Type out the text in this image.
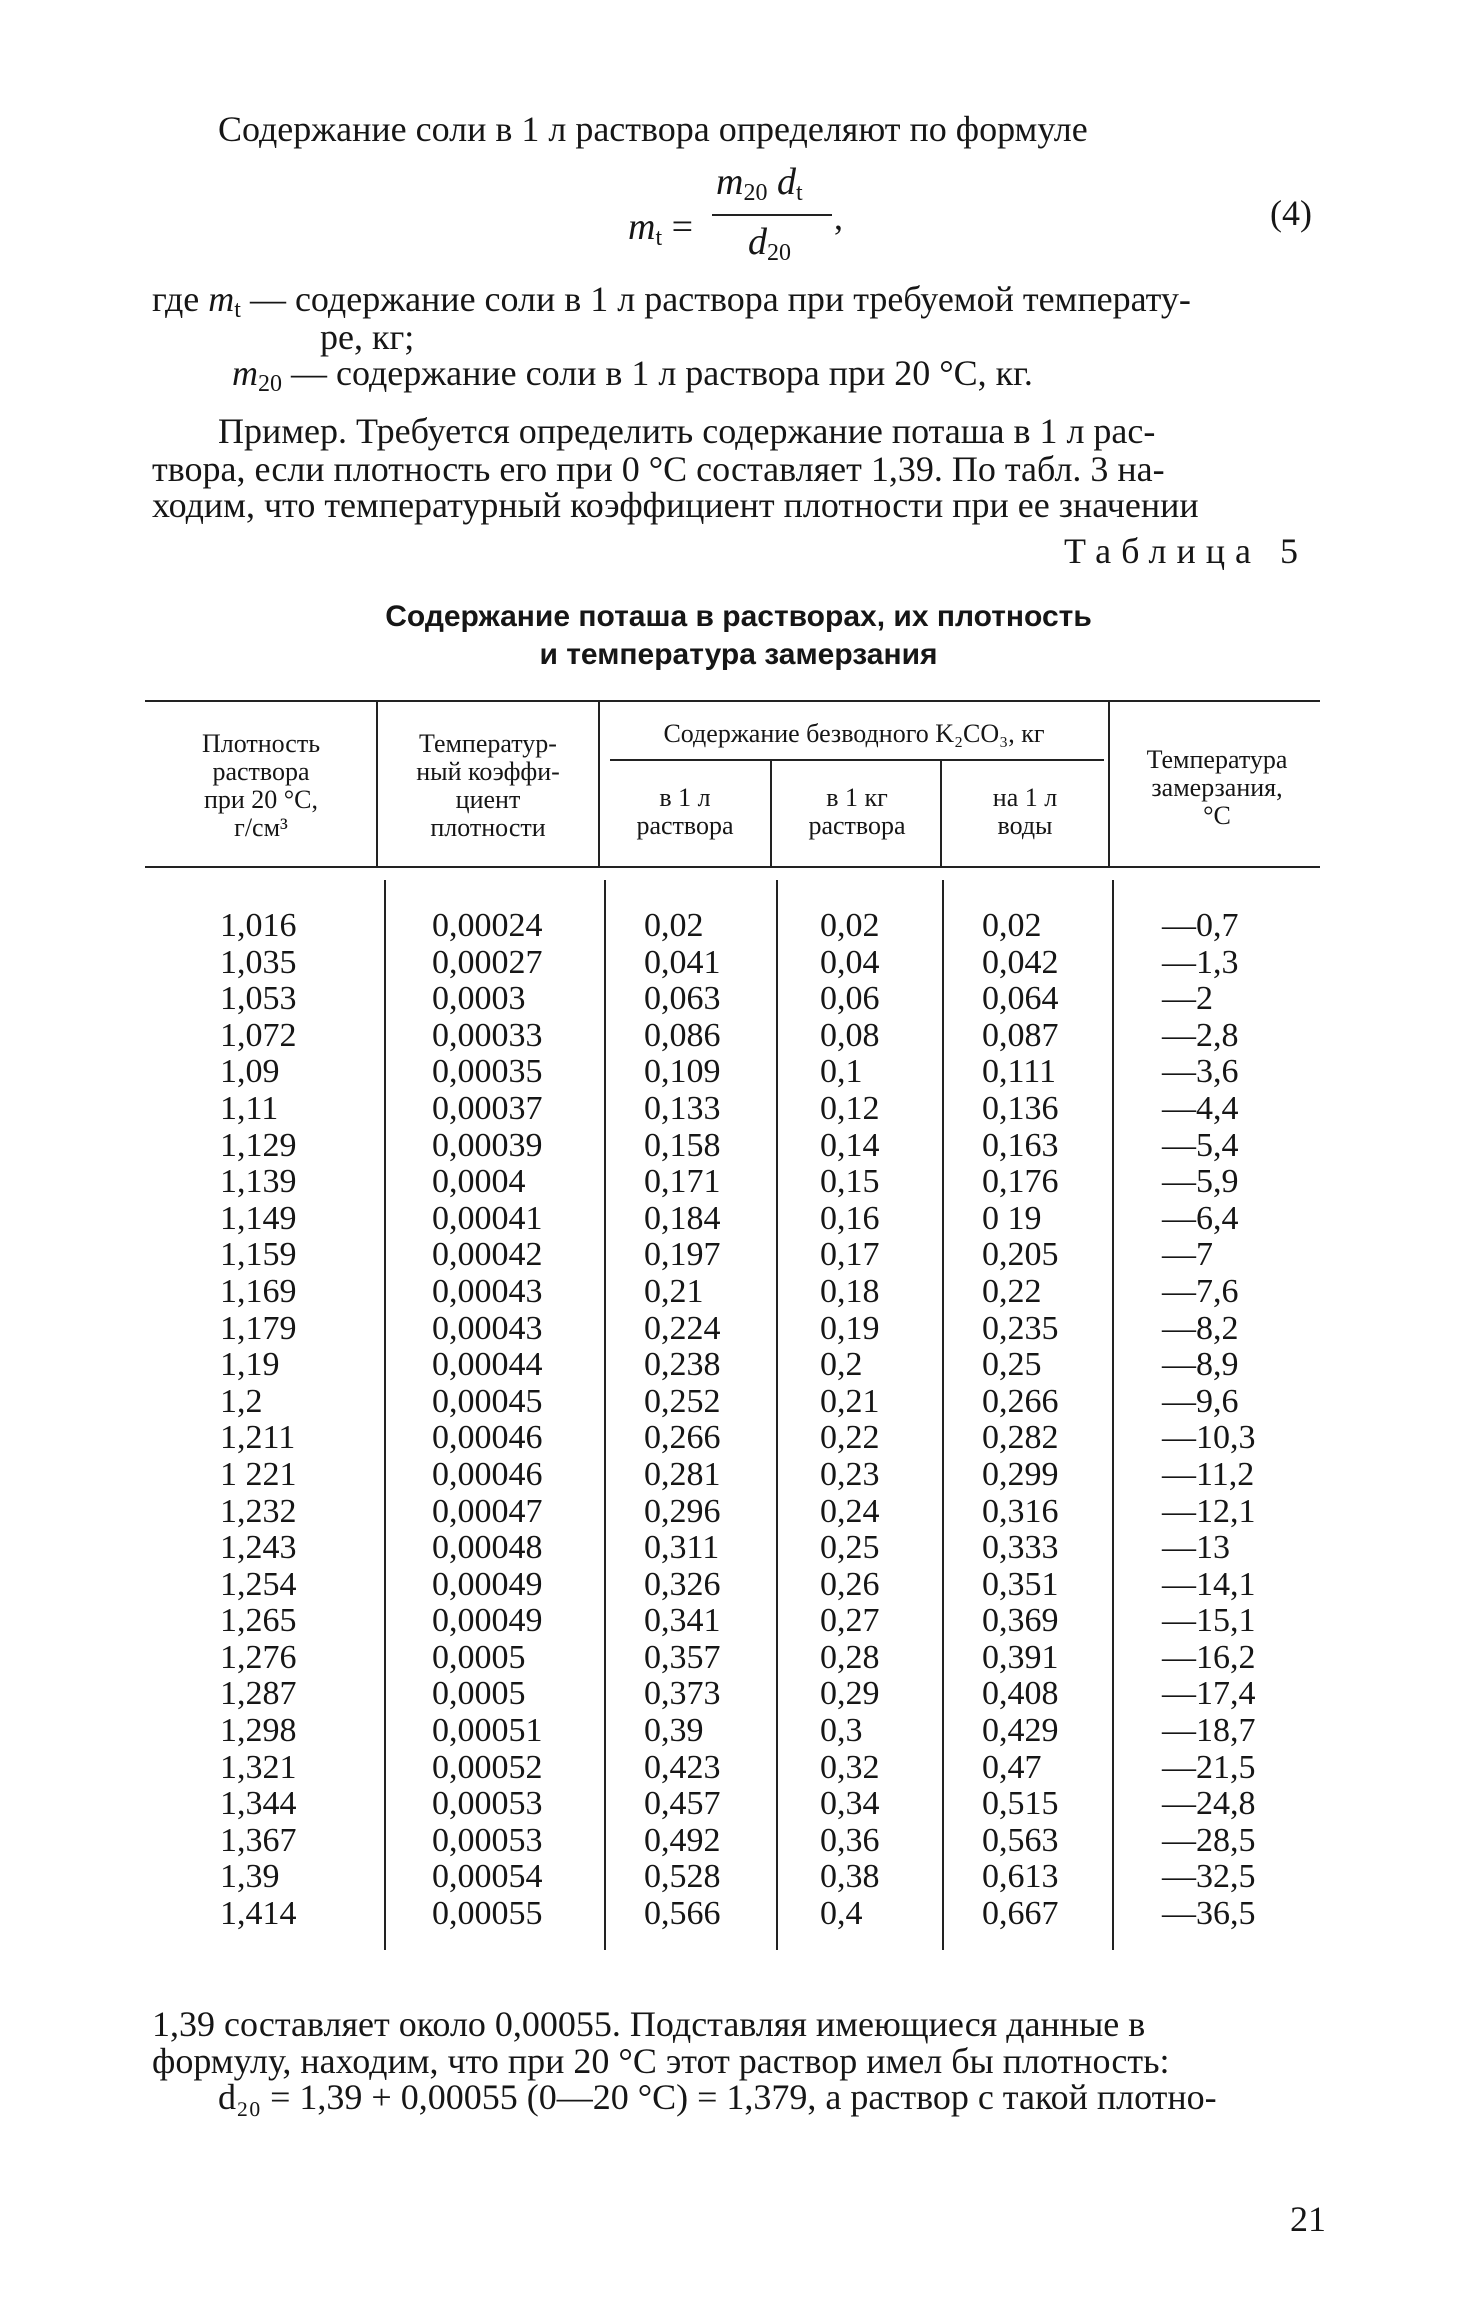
Содержание соли в 1 л раствора определяют по формуле
$m_t$ =
$m_{20}$ $d_t$
$d_{20}$
,	(4)
где $m_t$ — содержание соли в 1 л раствора при требуемой температу-
ре, кг;
$m_{20}$ — содержание соли в 1 л раствора при 20 °С, кг.
Пример. Требуется определить содержание поташа в 1 л рас-
твора, если плотность его при 0 °С составляет 1,39. По табл. 3 на-
ходим, что температурный коэффициент плотности при ее значении
Таблица 5
Содержание поташа в растворах, их плотность
и температура замерзания
Плотность
раствора
при 20 °С,
г/см³
Температур-
ный коэффи-
циент
плотности
Содержание безводного K₂CO₃, кг
в 1 л
раствора
в 1 кг
раствора
на 1 л
воды
Температура
замерзания,
°С
1,016
1,035
1,053
1,072
1,09
1,11
1,129
1,139
1,149
1,159
1,169
1,179
1,19
1,2
1,211
1 221
1,232
1,243
1,254
1,265
1,276
1,287
1,298
1,321
1,344
1,367
1,39
1,414
0,00024
0,00027
0,0003
0,00033
0,00035
0,00037
0,00039
0,0004
0,00041
0,00042
0,00043
0,00043
0,00044
0,00045
0,00046
0,00046
0,00047
0,00048
0,00049
0,00049
0,0005
0,0005
0,00051
0,00052
0,00053
0,00053
0,00054
0,00055
0,02
0,041
0,063
0,086
0,109
0,133
0,158
0,171
0,184
0,197
0,21
0,224
0,238
0,252
0,266
0,281
0,296
0,311
0,326
0,341
0,357
0,373
0,39
0,423
0,457
0,492
0,528
0,566
0,02
0,04
0,06
0,08
0,1
0,12
0,14
0,15
0,16
0,17
0,18
0,19
0,2
0,21
0,22
0,23
0,24
0,25
0,26
0,27
0,28
0,29
0,3
0,32
0,34
0,36
0,38
0,4
0,02
0,042
0,064
0,087
0,111
0,136
0,163
0,176
0 19
0,205
0,22
0,235
0,25
0,266
0,282
0,299
0,316
0,333
0,351
0,369
0,391
0,408
0,429
0,47
0,515
0,563
0,613
0,667
—0,7
—1,3
—2
—2,8
—3,6
—4,4
—5,4
—5,9
—6,4
—7
—7,6
—8,2
—8,9
—9,6
—10,3
—11,2
—12,1
—13
—14,1
—15,1
—16,2
—17,4
—18,7
—21,5
—24,8
—28,5
—32,5
—36,5
1,39 составляет около 0,00055. Подставляя имеющиеся данные в
формулу, находим, что при 20 °С этот раствор имел бы плотность:
d₂₀ = 1,39 + 0,00055 (0—20 °С) = 1,379, а раствор с такой плотно-
21
